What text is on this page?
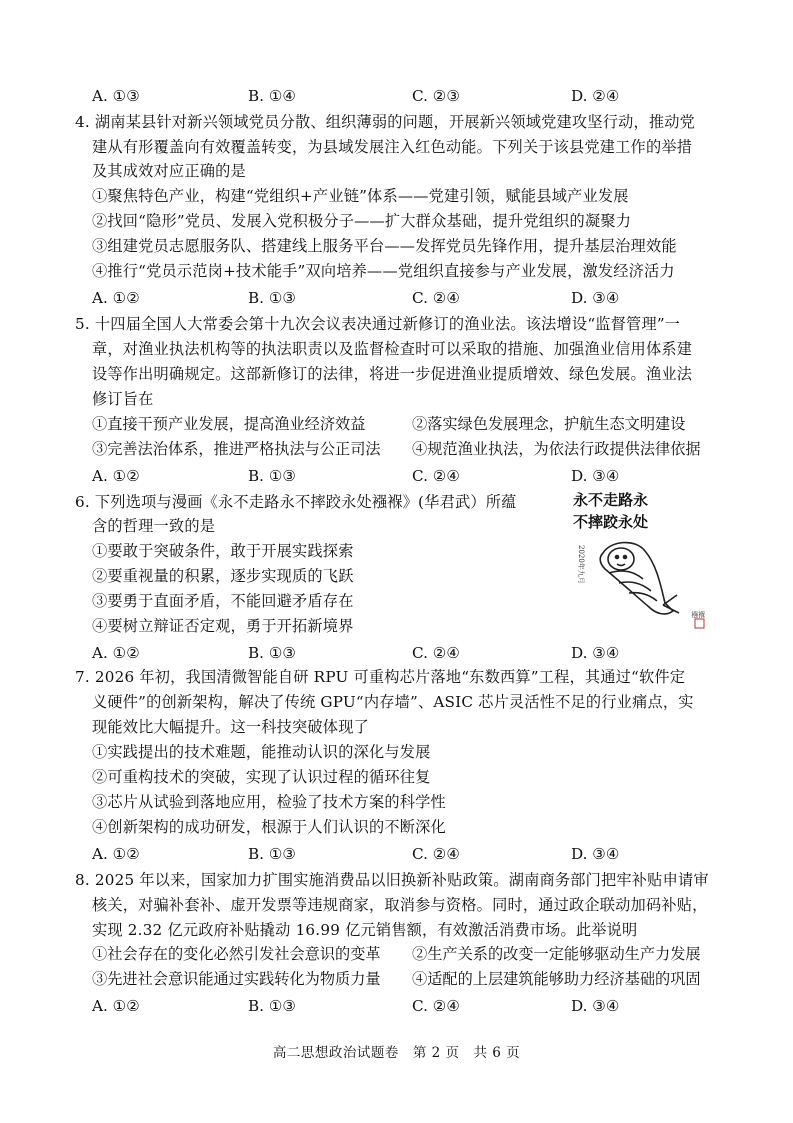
A. ①③	B. ①④	C. ②③	D. ②④
4. 湖南某县针对新兴领域党员分散、组织薄弱的问题，开展新兴领域党建攻坚行动，推动党
建从有形覆盖向有效覆盖转变，为县域发展注入红色动能。下列关于该县党建工作的举措
及其成效对应正确的是
①聚焦特色产业，构建“党组织+产业链”体系——党建引领，赋能县域产业发展
②找回“隐形”党员、发展入党积极分子——扩大群众基础，提升党组织的凝聚力
③组建党员志愿服务队、搭建线上服务平台——发挥党员先锋作用，提升基层治理效能
④推行“党员示范岗+技术能手”双向培养——党组织直接参与产业发展，激发经济活力
A. ①②	B. ①③	C. ②④	D. ③④
5. 十四届全国人大常委会第十九次会议表决通过新修订的渔业法。该法增设“监督管理”一
章，对渔业执法机构等的执法职责以及监督检查时可以采取的措施、加强渔业信用体系建
设等作出明确规定。这部新修订的法律，将进一步促进渔业提质增效、绿色发展。渔业法
修订旨在
①直接干预产业发展，提高渔业经济效益	②落实绿色发展理念，护航生态文明建设
③完善法治体系，推进严格执法与公正司法 ④规范渔业执法，为依法行政提供法律依据
A. ①②	B. ①③	C. ②④	D. ③④
6. 下列选项与漫画《永不走路永不摔跤永处襁褓》(华君武）所蕴
含的哲理一致的是
①要敢于突破条件，敢于开展实践探索
②要重视量的积累，逐步实现质的飞跃
③要勇于直面矛盾，不能回避矛盾存在
④要树立辩证否定观，勇于开拓新境界
A. ①②	B. ①③	C. ②④	D. ③④
永不走路永
不摔跤永处
2020年九月
襁褓
7. 2026 年初，我国清微智能自研 RPU 可重构芯片落地“东数西算”工程，其通过“软件定
义硬件”的创新架构，解决了传统 GPU“内存墙”、ASIC 芯片灵活性不足的行业痛点，实
现能效比大幅提升。这一科技突破体现了
①实践提出的技术难题，能推动认识的深化与发展
②可重构技术的突破，实现了认识过程的循环往复
③芯片从试验到落地应用，检验了技术方案的科学性
④创新架构的成功研发，根源于人们认识的不断深化
A. ①②	B. ①③	C. ②④	D. ③④
8. 2025 年以来，国家加力扩围实施消费品以旧换新补贴政策。湖南商务部门把牢补贴申请审
核关，对骗补套补、虚开发票等违规商家，取消参与资格。同时，通过政企联动加码补贴，
实现 2.32 亿元政府补贴撬动 16.99 亿元销售额，有效激活消费市场。此举说明
①社会存在的变化必然引发社会意识的变革 ②生产关系的改变一定能够驱动生产力发展
③先进社会意识能通过实践转化为物质力量 ④适配的上层建筑能够助力经济基础的巩固
A. ①②	B. ①③	C. ②④	D. ③④
高二思想政治试题卷　第 2 页　共 6 页
